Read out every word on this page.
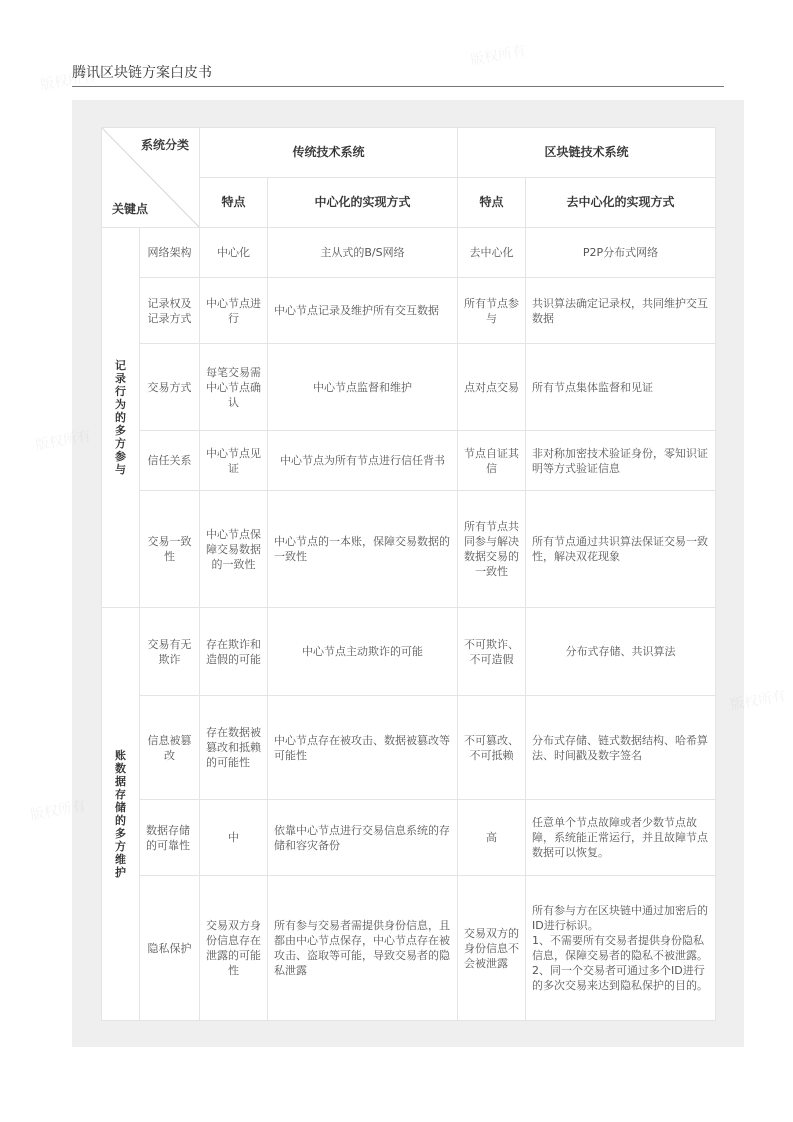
腾讯区块链方案白皮书
版权所有
版权所有
版权所有
版权所有
版权所有
系统分类
关键点		传统技术系统		区块链技术系统	
		特点	中心化的实现方式	特点	去中心化的实现方式

记录行为的多方参与	网络架构	中心化	主从式的B/S网络	去中心化	P2P分布式网络
	记录权及记录方式	中心节点进行	中心节点记录及维护所有交互数据	所有节点参与	共识算法确定记录权，共同维护交互数据
	交易方式	每笔交易需中心节点确认	中心节点监督和维护	点对点交易	所有节点集体监督和见证
	信任关系	中心节点见证	中心节点为所有节点进行信任背书	节点自证其信	非对称加密技术验证身份，零知识证明等方式验证信息
	交易一致性	中心节点保障交易数据的一致性	中心节点的一本账，保障交易数据的一致性	所有节点共同参与解决数据交易的一致性	所有节点通过共识算法保证交易一致性，解决双花现象

账数据存储的多方维护	交易有无欺诈	存在欺诈和造假的可能	中心节点主动欺诈的可能	不可欺诈、不可造假	分布式存储、共识算法
	信息被篡改	存在数据被篡改和抵赖的可能性	中心节点存在被攻击、数据被篡改等可能性	不可篡改、不可抵赖	分布式存储、链式数据结构、哈希算法、时间戳及数字签名
	数据存储的可靠性	中	依靠中心节点进行交易信息系统的存储和容灾备份	高	任意单个节点故障或者少数节点故障，系统能正常运行，并且故障节点数据可以恢复。
	隐私保护	交易双方身份信息存在泄露的可能性	所有参与交易者需提供身份信息，且都由中心节点保存，中心节点存在被攻击、盗取等可能，导致交易者的隐私泄露	交易双方的身份信息不会被泄露	所有参与方在区块链中通过加密后的ID进行标识。
1、不需要所有交易者提供身份隐私信息，保障交易者的隐私不被泄露。
2、同一个交易者可通过多个ID进行的多次交易来达到隐私保护的目的。
